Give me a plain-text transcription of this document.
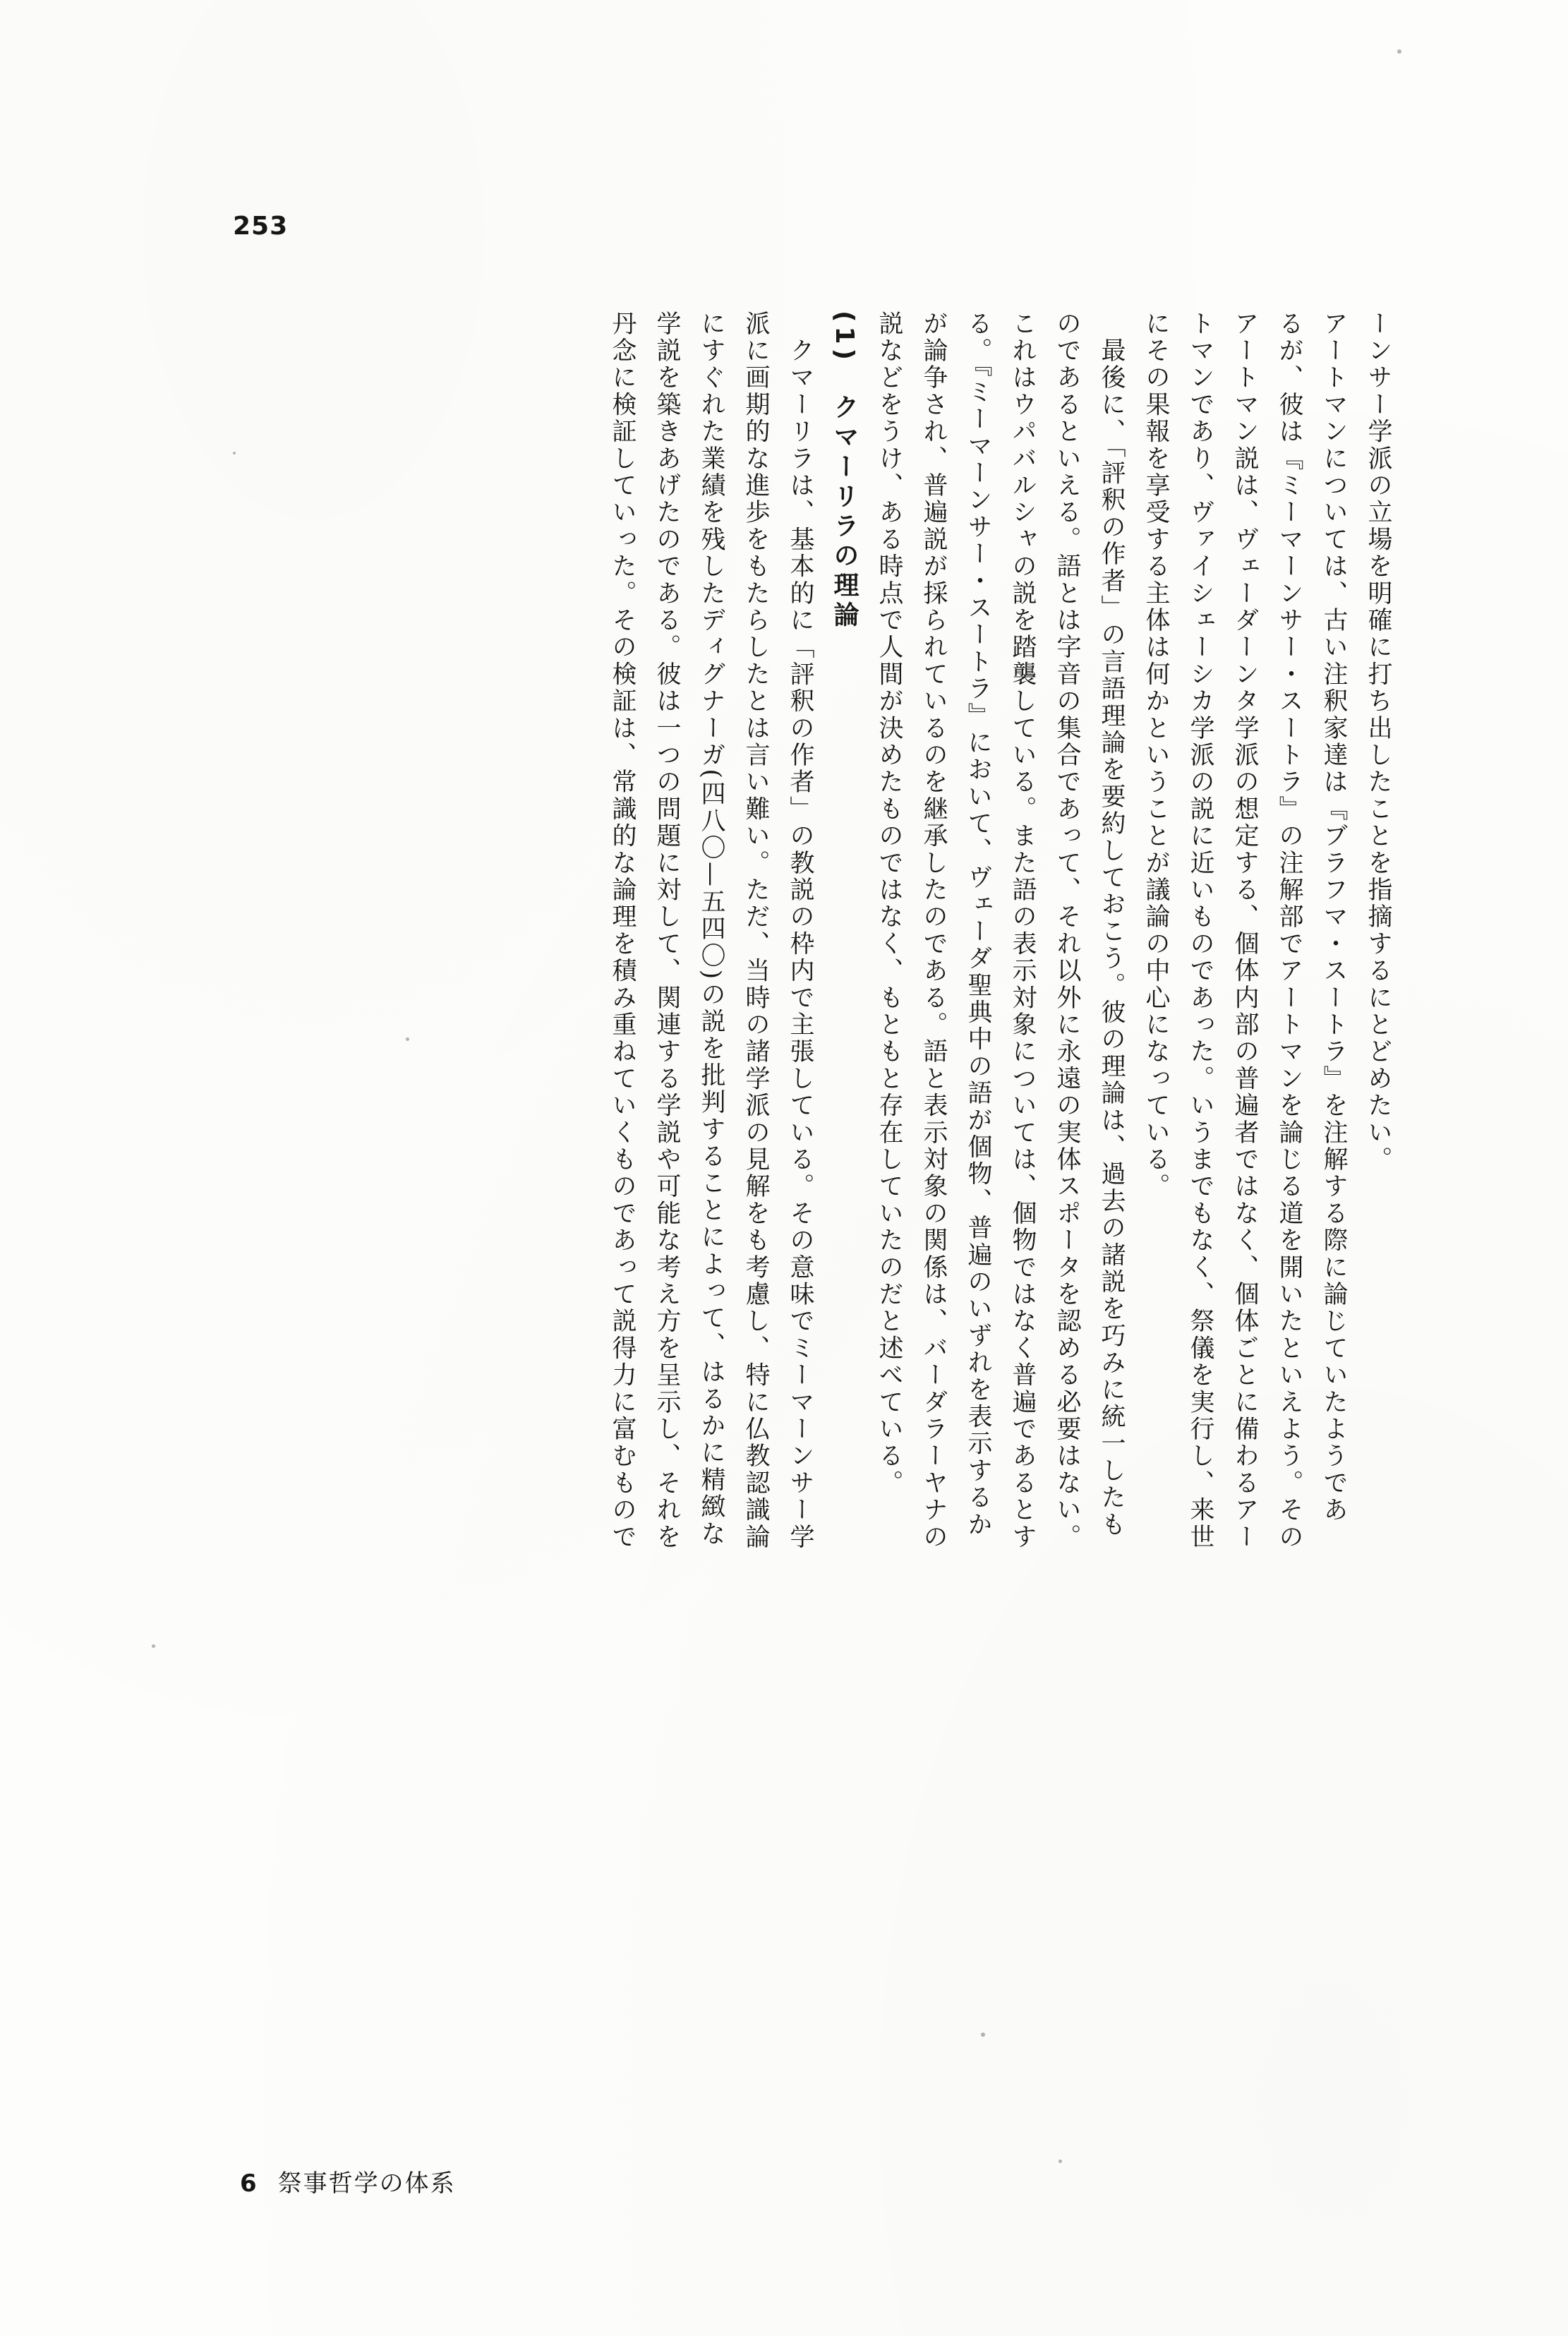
253
ーンサー学派の立場を明確に打ち出したことを指摘するにとどめたい。
アートマンについては、古い注釈家達は『ブラフマ・スートラ』を注解する際に論じていたようであ
るが、彼は『ミーマーンサー・スートラ』の注解部でアートマンを論じる道を開いたといえよう。その
アートマン説は、ヴェーダーンタ学派の想定する、個体内部の普遍者ではなく、個体ごとに備わるアー
トマンであり、ヴァイシェーシカ学派の説に近いものであった。いうまでもなく、祭儀を実行し、来世
にその果報を享受する主体は何かということが議論の中心になっている。
　最後に、「評釈の作者」の言語理論を要約しておこう。彼の理論は、過去の諸説を巧みに統一したも
のであるといえる。語とは字音の集合であって、それ以外に永遠の実体スポータを認める必要はない。
これはウパバルシャの説を踏襲している。また語の表示対象については、個物ではなく普遍であるとす
る。『ミーマーンサー・スートラ』において、ヴェーダ聖典中の語が個物、普遍のいずれを表示するか
が論争され、普遍説が採られているのを継承したのである。語と表示対象の関係は、バーダラーヤナの
説などをうけ、ある時点で人間が決めたものではなく、もともと存在していたのだと述べている。
(1)　クマーリラの理論
　クマーリラは、基本的に「評釈の作者」の教説の枠内で主張している。その意味でミーマーンサー学
派に画期的な進歩をもたらしたとは言い難い。ただ、当時の諸学派の見解をも考慮し、特に仏教認識論
にすぐれた業績を残したディグナーガ(四八〇—五四〇)の説を批判することによって、はるかに精緻な
学説を築きあげたのである。彼は一つの問題に対して、関連する学説や可能な考え方を呈示し、それを
丹念に検証していった。その検証は、常識的な論理を積み重ねていくものであって説得力に富むもので
6 祭事哲学の体系
